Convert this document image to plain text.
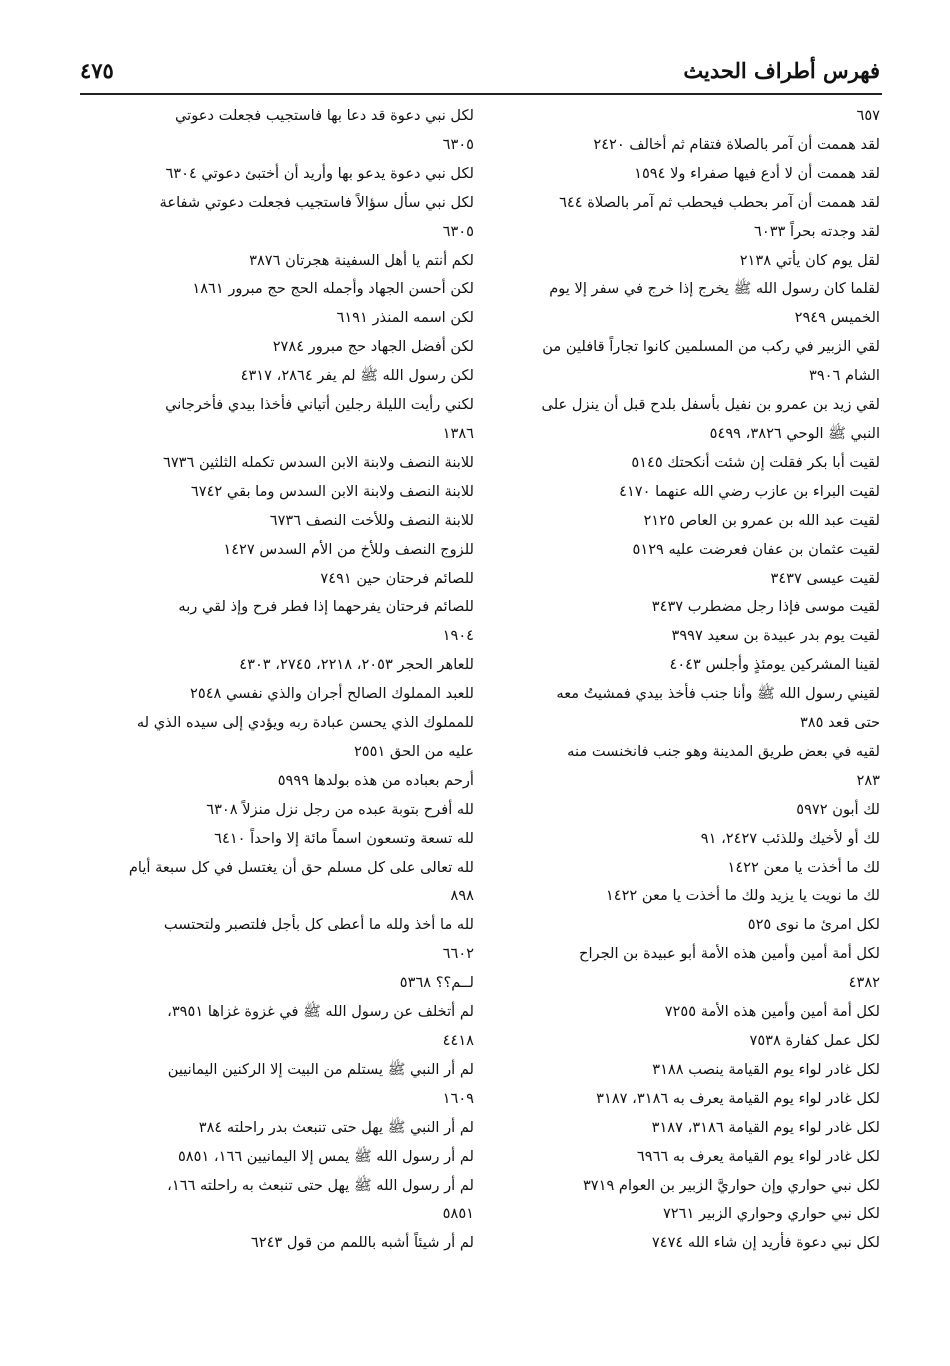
فهرس أطراف الحديث
٤٧٥
٦٥٧
لقد هممت أن آمر بالصلاة فتقام ثم أخالف ٢٤٢٠
لقد هممت أن لا أدع فيها صفراء ولا ١٥٩٤
لقد هممت أن آمر بحطب فيحطب ثم آمر بالصلاة ٦٤٤
لقد وجدته بحراً ٦٠٣٣
لقل يوم كان يأتي ٢١٣٨
لقلما كان رسول الله ﷺ يخرج إذا خرج في سفر إلا يوم
الخميس ٢٩٤٩
لقي الزبير في ركب من المسلمين كانوا تجاراً قافلين من
الشام ٣٩٠٦
لقي زيد بن عمرو بن نفيل بأسفل بلدح قبل أن ينزل على
النبي ﷺ الوحي ٣٨٢٦، ٥٤٩٩
لقيت أبا بكر فقلت إن شئت أنكحتك ٥١٤٥
لقيت البراء بن عازب رضي الله عنهما ٤١٧٠
لقيت عبد الله بن عمرو بن العاص ٢١٢٥
لقيت عثمان بن عفان فعرضت عليه ٥١٢٩
لقيت عيسى ٣٤٣٧
لقيت موسى فإذا رجل مضطرب ٣٤٣٧
لقيت يوم بدر عبيدة بن سعيد ٣٩٩٧
لقينا المشركين يومئذٍ وأجلس ٤٠٤٣
لقيني رسول الله ﷺ وأنا جنب فأخذ بيدي فمشيتُ معه
حتى قعد ٣٨٥
لقيه في بعض طريق المدينة وهو جنب فانخنست منه
٢٨٣
لك أبون ٥٩٧٢
لك أو لأخيك وللذئب ٢٤٢٧، ٩١
لك ما أخذت يا معن ١٤٢٢
لك ما نويت يا يزيد ولك ما أخذت يا معن ١٤٢٢
لكل امرئ ما نوى ٥٢٥
لكل أمة أمين وأمين هذه الأمة أبو عبيدة بن الجراح
٤٣٨٢
لكل أمة أمين وأمين هذه الأمة ٧٢٥٥
لكل عمل كفارة ٧٥٣٨
لكل غادر لواء يوم القيامة ينصب ٣١٨٨
لكل غادر لواء يوم القيامة يعرف به ٣١٨٦، ٣١٨٧
لكل غادر لواء يوم القيامة ٣١٨٦، ٣١٨٧
لكل غادر لواء يوم القيامة يعرف به ٦٩٦٦
لكل نبي حواري وإن حواريَّ الزبير بن العوام ٣٧١٩
لكل نبي حواري وحواري الزبير ٧٢٦١
لكل نبي دعوة فأريد إن شاء الله ٧٤٧٤
لكل نبي دعوة قد دعا بها فاستجيب فجعلت دعوتي
٦٣٠٥
لكل نبي دعوة يدعو بها وأريد أن أختبئ دعوتي ٦٣٠٤
لكل نبي سأل سؤالاً فاستجيب فجعلت دعوتي شفاعة
٦٣٠٥
لكم أنتم يا أهل السفينة هجرتان ٣٨٧٦
لكن أحسن الجهاد وأجمله الحج حج مبرور ١٨٦١
لكن اسمه المنذر ٦١٩١
لكن أفضل الجهاد حج مبرور ٢٧٨٤
لكن رسول الله ﷺ لم يفر ٢٨٦٤، ٤٣١٧
لكني رأيت الليلة رجلين أتياني فأخذا بيدي فأخرجاني
١٣٨٦
للابنة النصف ولابنة الابن السدس تكمله الثلثين ٦٧٣٦
للابنة النصف ولابنة الابن السدس وما بقي ٦٧٤٢
للابنة النصف وللأخت النصف ٦٧٣٦
للزوج النصف وللأخ من الأم السدس ١٤٢٧
للصائم فرحتان حين ٧٤٩١
للصائم فرحتان يفرحهما إذا فطر فرح وإذ لقي ربه
١٩٠٤
للعاهر الحجر ٢٠٥٣، ٢٢١٨، ٢٧٤٥، ٤٣٠٣
للعبد المملوك الصالح أجران والذي نفسي ٢٥٤٨
للمملوك الذي يحسن عبادة ربه ويؤدي إلى سيده الذي له
عليه من الحق ٢٥٥١
أرحم بعباده من هذه بولدها ٥٩٩٩
لله أفرح بتوبة عبده من رجل نزل منزلاً ٦٣٠٨
لله تسعة وتسعون اسماً مائة إلا واحداً ٦٤١٠
لله تعالى على كل مسلم حق أن يغتسل في كل سبعة أيام
٨٩٨
لله ما أخذ ولله ما أعطى كل بأجل فلتصبر ولتحتسب
٦٦٠٢
لــم؟؟ ٥٣٦٨
لم أتخلف عن رسول الله ﷺ في غزوة غزاها ٣٩٥١،
٤٤١٨
لم أر النبي ﷺ يستلم من البيت إلا الركنين اليمانيين
١٦٠٩
لم أر النبي ﷺ يهل حتى تنبعث بدر راحلته ٣٨٤
لم أر رسول الله ﷺ يمس إلا اليمانيين ١٦٦، ٥٨٥١
لم أر رسول الله ﷺ يهل حتى تنبعث به راحلته ١٦٦،
٥٨٥١
لم أر شيئاً أشبه باللمم من قول ٦٢٤٣
